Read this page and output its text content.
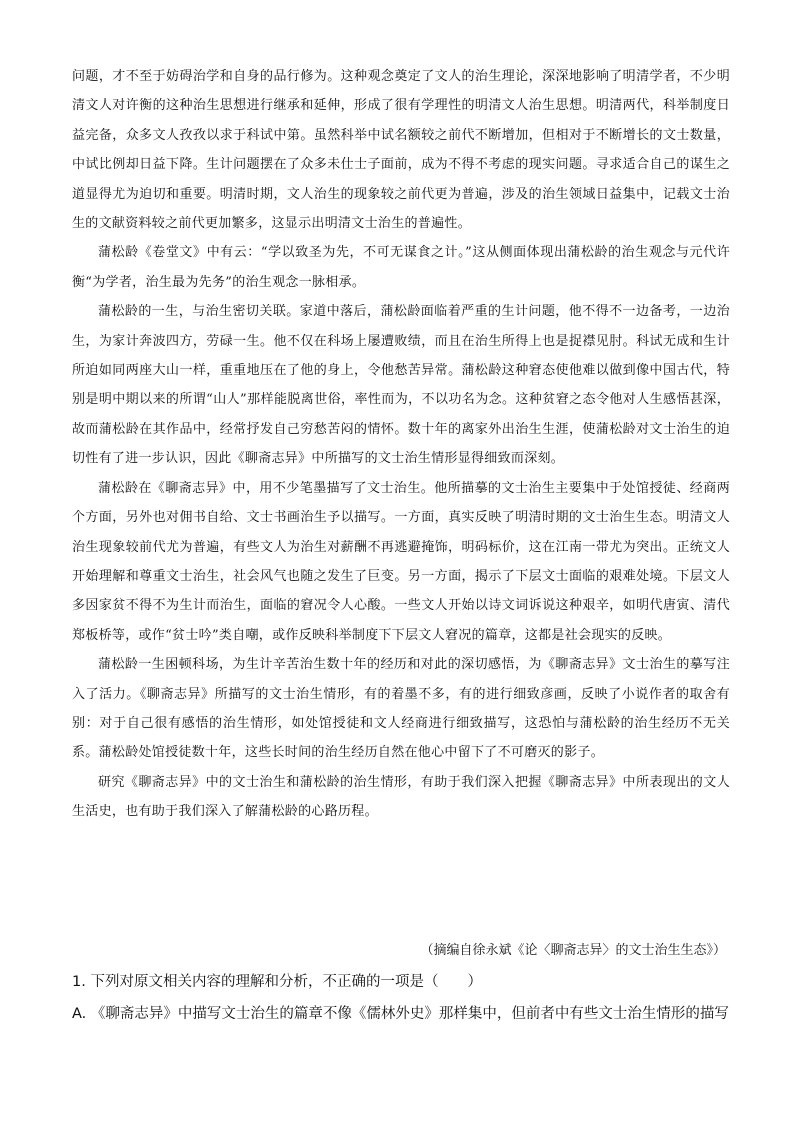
问题，才不至于妨碍治学和自身的品行修为。这种观念奠定了文人的治生理论，深深地影响了明清学者，不少明清文人对许衡的这种治生思想进行继承和延伸，形成了很有学理性的明清文人治生思想。明清两代，科举制度日益完备，众多文人孜孜以求于科试中第。虽然科举中试名额较之前代不断增加，但相对于不断增长的文士数量，中试比例却日益下降。生计问题摆在了众多未仕士子面前，成为不得不考虑的现实问题。寻求适合自己的谋生之道显得尤为迫切和重要。明清时期，文人治生的现象较之前代更为普遍，涉及的治生领域日益集中，记载文士治生的文献资料较之前代更加繁多，这显示出明清文士治生的普遍性。

蒲松龄《卷堂文》中有云：“学以致圣为先，不可无谋食之计。”这从侧面体现出蒲松龄的治生观念与元代许衡“为学者，治生最为先务”的治生观念一脉相承。

蒲松龄的一生，与治生密切关联。家道中落后，蒲松龄面临着严重的生计问题，他不得不一边备考，一边治生，为家计奔波四方，劳碌一生。他不仅在科场上屡遭败绩，而且在治生所得上也是捉襟见肘。科试无成和生计所迫如同两座大山一样，重重地压在了他的身上，令他愁苦异常。蒲松龄这种窘态使他难以做到像中国古代，特别是明中期以来的所谓“山人”那样能脱离世俗，率性而为，不以功名为念。这种贫窘之态令他对人生感悟甚深，故而蒲松龄在其作品中，经常抒发自己穷愁苦闷的情怀。数十年的离家外出治生生涯，使蒲松龄对文士治生的迫切性有了进一步认识，因此《聊斋志异》中所描写的文士治生情形显得细致而深刻。

蒲松龄在《聊斋志异》中，用不少笔墨描写了文士治生。他所描摹的文士治生主要集中于处馆授徒、经商两个方面，另外也对佣书自给、文士书画治生予以描写。一方面，真实反映了明清时期的文士治生生态。明清文人治生现象较前代尤为普遍，有些文人为治生对薪酬不再逃避掩饰，明码标价，这在江南一带尤为突出。正统文人开始理解和尊重文士治生，社会风气也随之发生了巨变。另一方面，揭示了下层文士面临的艰难处境。下层文人多因家贫不得不为生计而治生，面临的窘况令人心酸。一些文人开始以诗文词诉说这种艰辛，如明代唐寅、清代郑板桥等，或作“贫士吟”类自嘲，或作反映科举制度下下层文人窘况的篇章，这都是社会现实的反映。

蒲松龄一生困顿科场，为生计辛苦治生数十年的经历和对此的深切感悟，为《聊斋志异》文士治生的摹写注入了活力。《聊斋志异》所描写的文士治生情形，有的着墨不多，有的进行细致彦画，反映了小说作者的取舍有别：对于自己很有感悟的治生情形，如处馆授徒和文人经商进行细致描写，这恐怕与蒲松龄的治生经历不无关系。蒲松龄处馆授徒数十年，这些长时间的治生经历自然在他心中留下了不可磨灭的影子。

研究《聊斋志异》中的文士治生和蒲松龄的治生情形，有助于我们深入把握《聊斋志异》中所表现出的文人生活史，也有助于我们深入了解蒲松龄的心路历程。

（摘编自徐永斌《论〈聊斋志异〉的文士治生生态》）
1. 下列对原文相关内容的理解和分析，不正确的一项是（　　）
A. 《聊斋志异》中描写文士治生的篇章不像《儒林外史》那样集中，但前者中有些文士治生情形的描写
